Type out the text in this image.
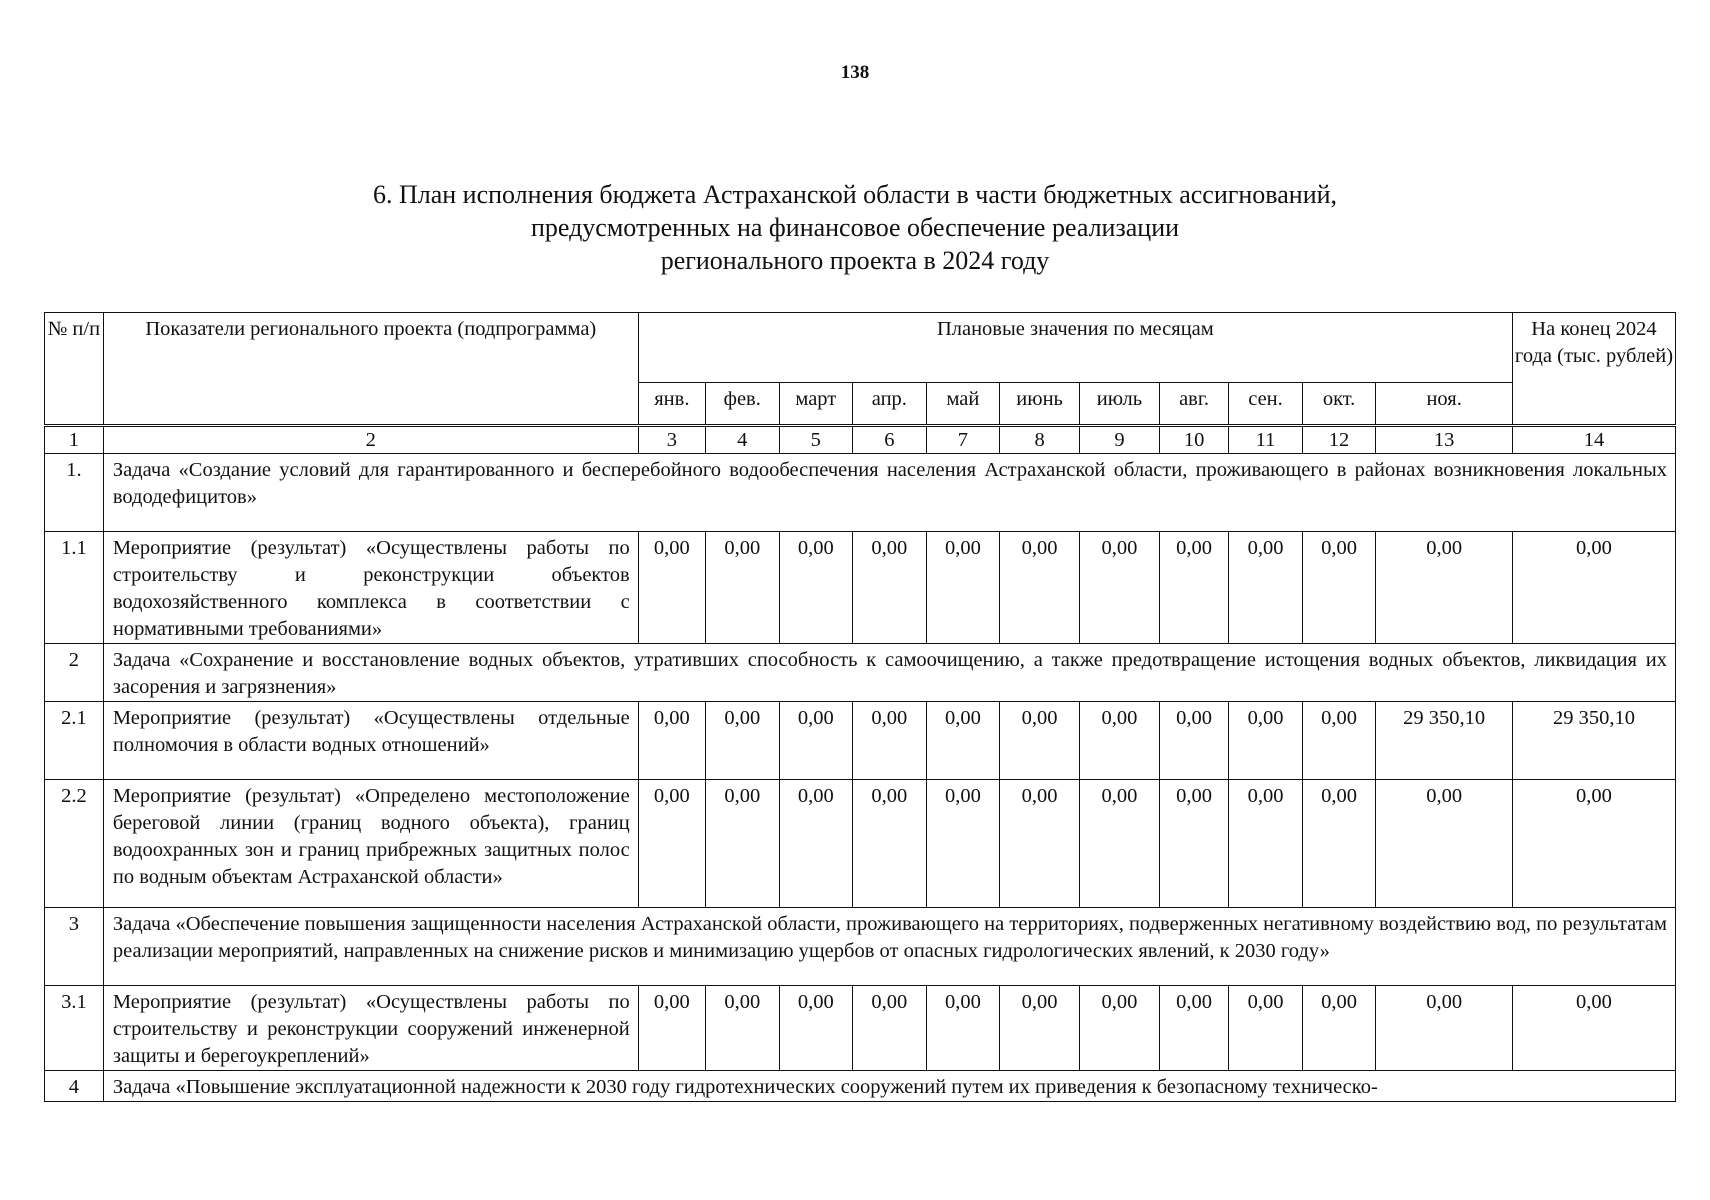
138
6. План исполнения бюджета Астраханской области в части бюджетных ассигнований,
предусмотренных на финансовое обеспечение реализации
регионального проекта в 2024 году
№ п/п	Показатели регионального проекта (подпрограмма)	Плановые значения по месяцам											На конец 2024 года (тыс. рублей)
		янв.	фев.	март	апр.	май	июнь	июль	авг.	сен.	окт.	ноя.	
1	2	3	4	5	6	7	8	9	10	11	12	13	14
1.	Задача «Создание условий для гарантированного и бесперебойного водообеспечения населения Астраханской области, проживающего в районах возникновения локальных вододефицитов»												
1.1	Мероприятие (результат) «Осуществлены работы по строительству и реконструкции объектов водохозяйственного комплекса в соответствии с нормативными требованиями»	0,00	0,00	0,00	0,00	0,00	0,00	0,00	0,00	0,00	0,00	0,00	0,00
2	Задача «Сохранение и восстановление водных объектов, утративших способность к самоочищению, а также предотвращение истощения водных объектов, ликвидация их засорения и загрязнения»												
2.1	Мероприятие (результат) «Осуществлены отдельные полномочия в области водных отношений»	0,00	0,00	0,00	0,00	0,00	0,00	0,00	0,00	0,00	0,00	29 350,10	29 350,10
2.2	Мероприятие (результат) «Определено местоположение береговой линии (границ водного объекта), границ водоохранных зон и границ прибрежных защитных полос по водным объектам Астраханской области»	0,00	0,00	0,00	0,00	0,00	0,00	0,00	0,00	0,00	0,00	0,00	0,00
3	Задача «Обеспечение повышения защищенности населения Астраханской области, проживающего на территориях, подверженных негативному воздействию вод, по результатам реализации мероприятий, направленных на снижение рисков и минимизацию ущербов от опасных гидрологических явлений, к 2030 году»												
3.1	Мероприятие (результат) «Осуществлены работы по строительству и реконструкции сооружений инженерной защиты и берегоукреплений»	0,00	0,00	0,00	0,00	0,00	0,00	0,00	0,00	0,00	0,00	0,00	0,00
4	Задача «Повышение эксплуатационной надежности к 2030 году гидротехнических сооружений путем их приведения к безопасному техническо-												
